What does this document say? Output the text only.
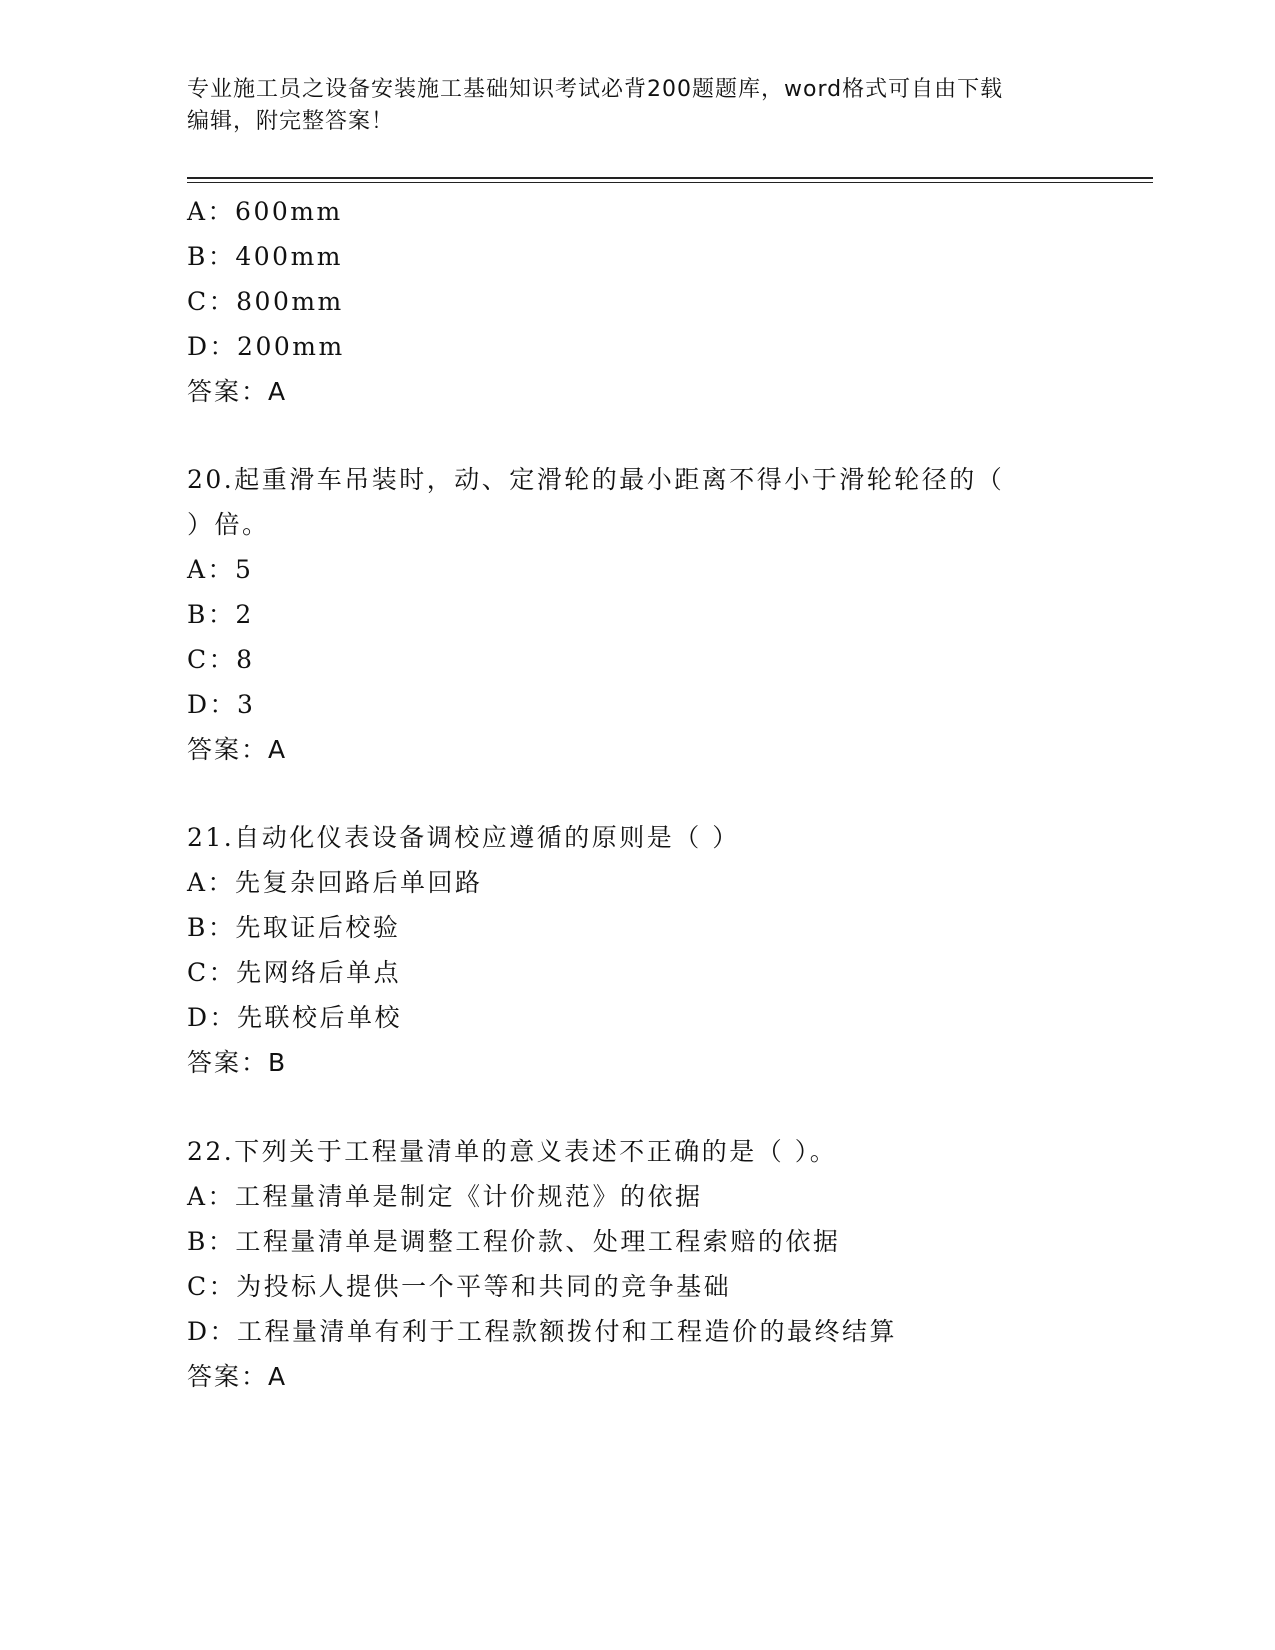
专业施工员之设备安装施工基础知识考试必背200题题库，word格式可自由下载
编辑，附完整答案！
A：600mm
B：400mm
C：800mm
D：200mm
答案：A
20.起重滑车吊装时，动、定滑轮的最小距离不得小于滑轮轮径的（
）倍。
A：5
B：2
C：8
D：3
答案：A
21.自动化仪表设备调校应遵循的原则是（ ）
A：先复杂回路后单回路
B：先取证后校验
C：先网络后单点
D：先联校后单校
答案：B
22.下列关于工程量清单的意义表述不正确的是（ ）。
A：工程量清单是制定《计价规范》的依据
B：工程量清单是调整工程价款、处理工程索赔的依据
C：为投标人提供一个平等和共同的竞争基础
D：工程量清单有利于工程款额拨付和工程造价的最终结算
答案：A
